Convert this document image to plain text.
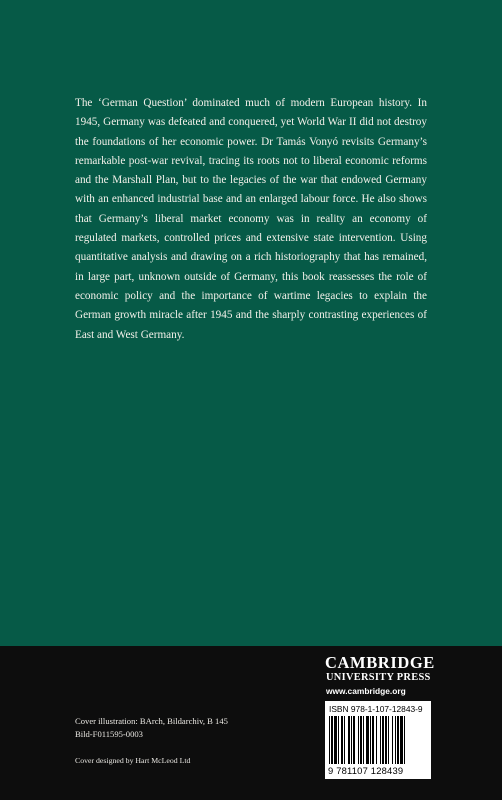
The ‘German Question’ dominated much of modern European history. In 1945, Germany was defeated and conquered, yet World War II did not destroy the foundations of her economic power. Dr Tamás Vonyó revisits Germany’s remarkable post-war revival, tracing its roots not to liberal economic reforms and the Marshall Plan, but to the legacies of the war that endowed Germany with an enhanced industrial base and an enlarged labour force. He also shows that Germany’s liberal market economy was in reality an economy of regulated markets, controlled prices and extensive state intervention. Using quantitative analysis and drawing on a rich historiography that has remained, in large part, unknown outside of Germany, this book reassesses the role of economic policy and the importance of wartime legacies to explain the German growth miracle after 1945 and the sharply contrasting experiences of East and West Germany.

CAMBRIDGE
UNIVERSITY PRESS
www.cambridge.org
ISBN 978-1-107-12843-9
9 781107 128439
Cover illustration: BArch, Bildarchiv, B 145
Bild-F011595-0003
Cover designed by Hart McLeod Ltd
